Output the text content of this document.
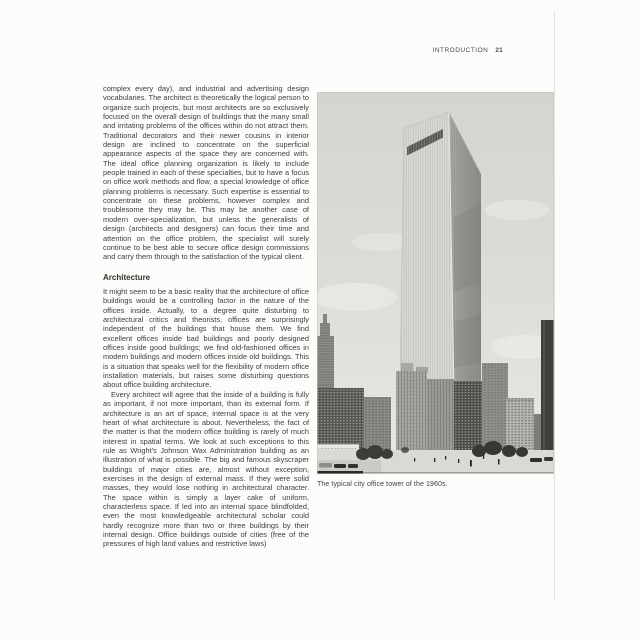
INTRODUCTION 21

complex every day), and industrial and advertising design vocabularies. The architect is theoretically the logical person to organize such projects, but most architects are so exclusively focused on the overall design of buildings that the many small and irritating problems of the offices within do not attract them. Traditional decorators and their newer cousins in interior design are inclined to concentrate on the superficial appearance aspects of the space they are concerned with. The ideal office planning organization is likely to include people trained in each of these specialties, but to have a focus on office work methods and flow, a special knowledge of office planning problems is necessary. Such expertise is essential to concentrate on these problems, however complex and troublesome they may be. This may be another case of modern over-specialization, but unless the generalists of design (architects and designers) can focus their time and attention on the office problem, the specialist will surely continue to be best able to secure office design commissions and carry them through to the satisfaction of the typical client.

Architecture

It might seem to be a basic reality that the architecture of office buildings would be a controlling factor in the nature of the offices inside. Actually, to a degree quite disturbing to architectural critics and theorists, offices are surprisingly independent of the buildings that house them. We find excellent offices inside bad buildings and poorly designed offices inside good buildings; we find old-fashioned offices in modern buildings and modern offices inside old buildings. This is a situation that speaks well for the flexibility of modern office installation materials, but raises some disturbing questions about office building architecture.

Every architect will agree that the inside of a building is fully as important, if not more important, than its external form. If architecture is an art of space, internal space is at the very heart of what architecture is about. Nevertheless, the fact of the matter is that the modern office building is rarely of much interest in spatial terms. We look at such exceptions to this rule as Wright's Johnson Wax Administration building as an illustration of what is possible. The big and famous skyscraper buildings of major cities are, almost without exception, exercises in the design of external mass. If they were solid masses, they would lose nothing in architectural character. The space within is simply a layer cake of uniform, characterless space. If led into an internal space blindfolded, even the most knowledgeable architectural scholar could hardly recognize more than two or three buildings by their internal design. Office buildings outside of cities (free of the pressures of high land values and restrictive laws)

The typical city office tower of the 1960s.
